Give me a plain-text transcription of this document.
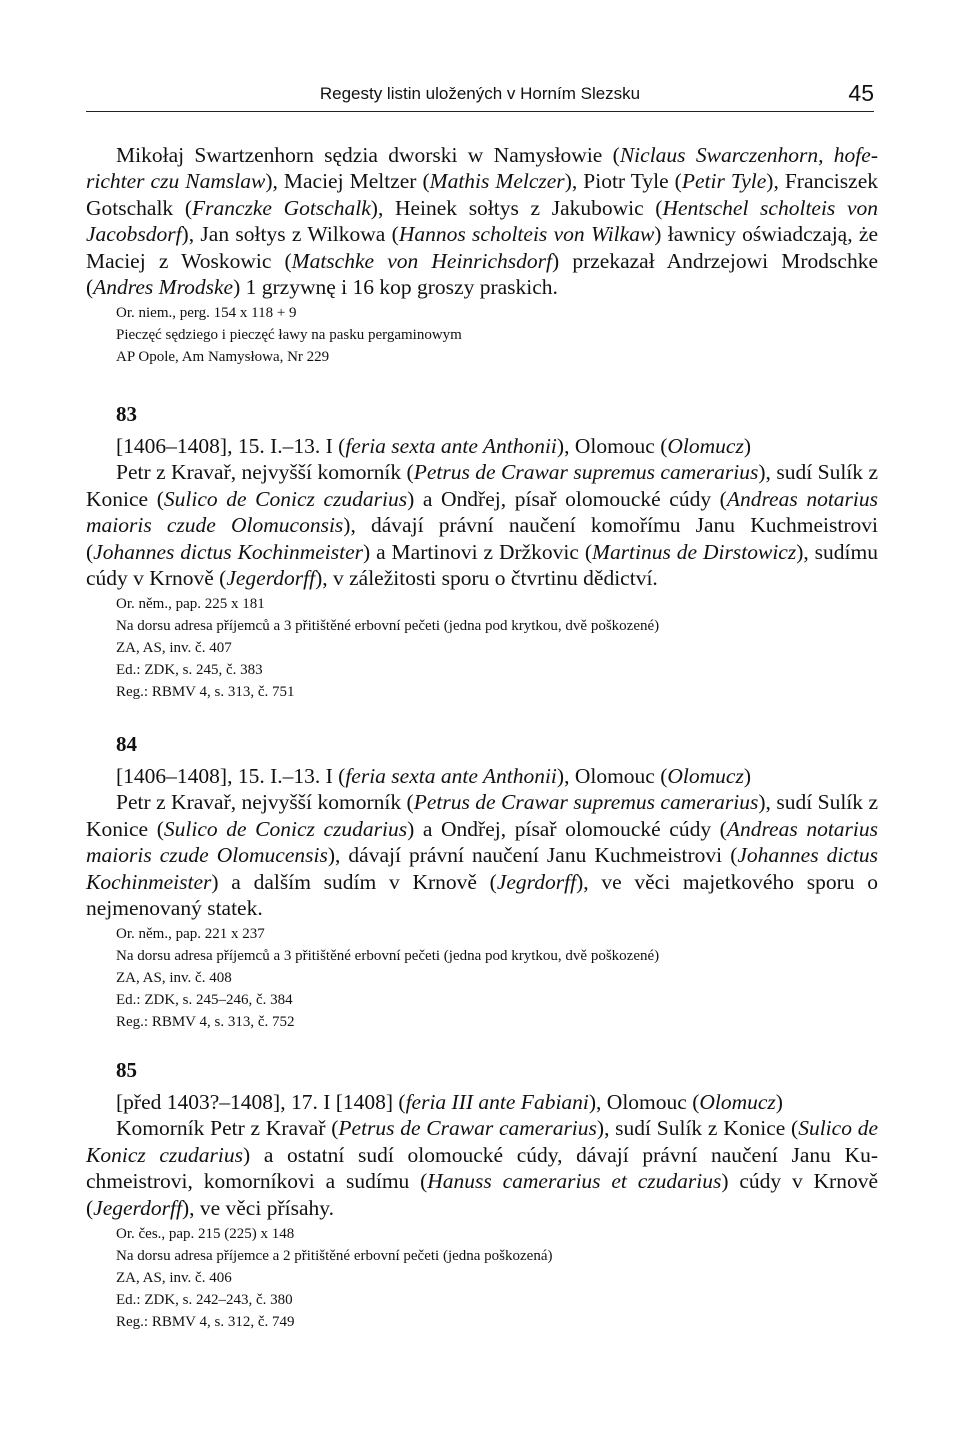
Regesty listin uložených v Horním Slezsku	45

Mikołaj Swartzenhorn sędzia dworski w Namysłowie (Niclaus Swarczenhorn, hoferichter czu Namslaw), Maciej Meltzer (Mathis Melczer), Piotr Tyle (Petir Tyle), Franciszek Gotschalk (Franczke Gotschalk), Heinek sołtys z Jakubowic (Hentschel scholteis von Jacobsdorf), Jan sołtys z Wilkowa (Hannos scholteis von Wilkaw) ławnicy oświadczają, że Maciej z Woskowic (Matschke von Heinrichsdorf) przekazał Andrzejowi Mrodschke (Andres Mrodske) 1 grzywnę i 16 kop groszy praskich.

Or. niem., perg. 154 x 118 + 9
Pieczęć sędziego i pieczęć ławy na pasku pergaminowym
AP Opole, Am Namysłowa, Nr 229
83
[1406–1408], 15. I.–13. I (feria sexta ante Anthonii), Olomouc (Olomucz)

Petr z Kravař, nejvyšší komorník (Petrus de Crawar supremus camerarius), sudí Sulík z Konice (Sulico de Conicz czudarius) a Ondřej, písař olomoucké cúdy (Andreas notarius maioris czude Olomuconsis), dávají právní naučení komořímu Janu Kuchmeistrovi (Johannes dictus Kochinmeister) a Martinovi z Držkovic (Martinus de Dirstowicz), sudímu cúdy v Krnově (Jegerdorff), v záležitosti sporu o čtvrtinu dědictví.

Or. něm., pap. 225 x 181
Na dorsu adresa příjemců a 3 přitištěné erbovní pečeti (jedna pod krytkou, dvě poškozené)
ZA, AS, inv. č. 407
Ed.: ZDK, s. 245, č. 383
Reg.: RBMV 4, s. 313, č. 751
84
[1406–1408], 15. I.–13. I (feria sexta ante Anthonii), Olomouc (Olomucz)

Petr z Kravař, nejvyšší komorník (Petrus de Crawar supremus camerarius), sudí Sulík z Konice (Sulico de Conicz czudarius) a Ondřej, písař olomoucké cúdy (Andreas notarius maioris czude Olomucensis), dávají právní naučení Janu Kuchmeistrovi (Johannes dictus Kochinmeister) a dalším sudím v Krnově (Jegrdorff), ve věci majetkového sporu o nejmenovaný statek.

Or. něm., pap. 221 x 237
Na dorsu adresa příjemců a 3 přitištěné erbovní pečeti (jedna pod krytkou, dvě poškozené)
ZA, AS, inv. č. 408
Ed.: ZDK, s. 245–246, č. 384
Reg.: RBMV 4, s. 313, č. 752
85
[před 1403?–1408], 17. I [1408] (feria III ante Fabiani), Olomouc (Olomucz)

Komorník Petr z Kravař (Petrus de Crawar camerarius), sudí Sulík z Konice (Sulico de Konicz czudarius) a ostatní sudí olomoucké cúdy, dávají právní naučení Janu Kuchmeistrovi, komorníkovi a sudímu (Hanuss camerarius et czudarius) cúdy v Krnově (Jegerdorff), ve věci přísahy.

Or. čes., pap. 215 (225) x 148
Na dorsu adresa příjemce a 2 přitištěné erbovní pečeti (jedna poškozená)
ZA, AS, inv. č. 406
Ed.: ZDK, s. 242–243, č. 380
Reg.: RBMV 4, s. 312, č. 749
